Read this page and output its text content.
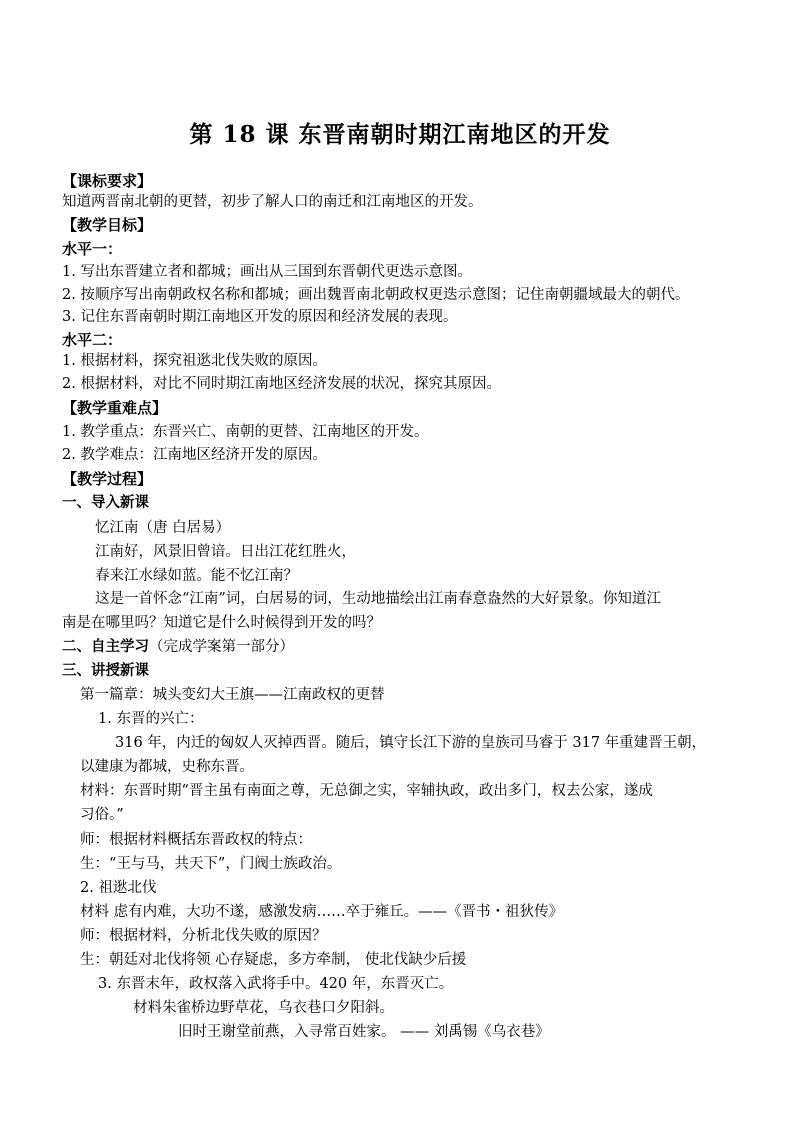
第 18 课 东晋南朝时期江南地区的开发
【课标要求】
知道两晋南北朝的更替，初步了解人口的南迁和江南地区的开发。
【教学目标】
水平一：
1. 写出东晋建立者和都城；画出从三国到东晋朝代更迭示意图。
2. 按顺序写出南朝政权名称和都城；画出魏晋南北朝政权更迭示意图；记住南朝疆域最大的朝代。
3. 记住东晋南朝时期江南地区开发的原因和经济发展的表现。
水平二：
1. 根据材料，探究祖逖北伐失败的原因。
2. 根据材料，对比不同时期江南地区经济发展的状况，探究其原因。
【教学重难点】
1. 教学重点：东晋兴亡、南朝的更替、江南地区的开发。
2. 教学难点：江南地区经济开发的原因。
【教学过程】
一、导入新课
忆江南（唐 白居易）
江南好，风景旧曾谙。日出江花红胜火，
春来江水绿如蓝。能不忆江南？
这是一首怀念“江南”词，白居易的词，生动地描绘出江南春意盎然的大好景象。你知道江
南是在哪里吗？知道它是什么时候得到开发的吗？
二、自主学习（完成学案第一部分）
三、讲授新课
第一篇章：城头变幻大王旗——江南政权的更替
1. 东晋的兴亡：
316 年，内迁的匈奴人灭掉西晋。随后，镇守长江下游的皇族司马睿于 317 年重建晋王朝，
以建康为都城，史称东晋。
材料：东晋时期“晋主虽有南面之尊，无总御之实，宰辅执政，政出多门，权去公家，遂成
习俗。”
师：根据材料概括东晋政权的特点：
生：“王与马，共天下”，门阀士族政治。
2. 祖逖北伐
材料 虑有内难，大功不遂，感激发病……卒于雍丘。——《晋书・祖狄传》
师：根据材料，分析北伐失败的原因？
生：朝廷对北伐将领 心存疑虑，多方牵制， 使北伐缺少后援
3. 东晋末年，政权落入武将手中。420 年，东晋灭亡。
材料朱雀桥边野草花，乌衣巷口夕阳斜。
旧时王谢堂前燕，入寻常百姓家。 —— 刘禹锡《乌衣巷》
